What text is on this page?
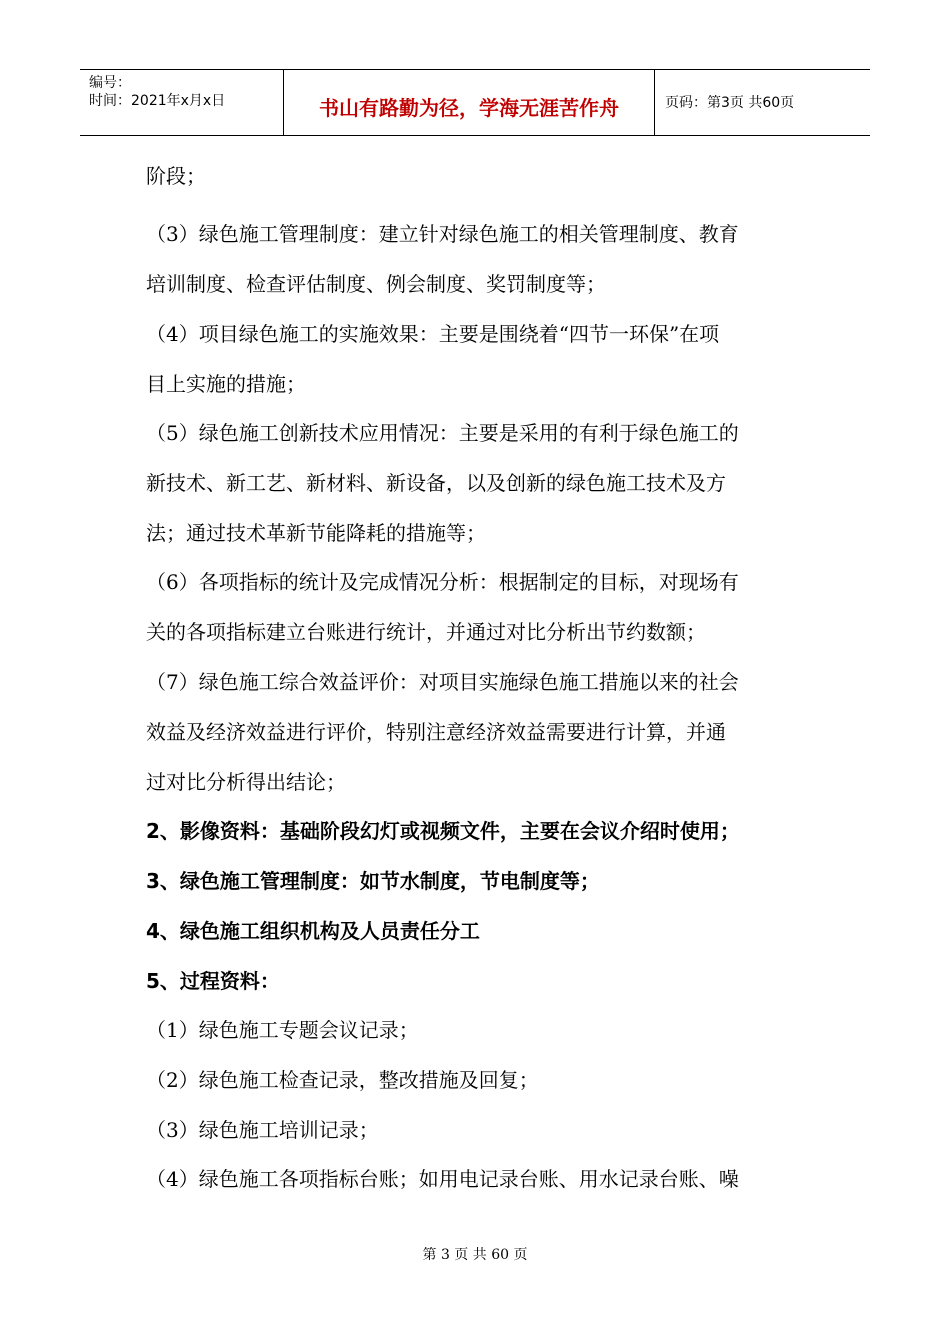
编号：
时间：2021年x月x日	书山有路勤为径，学海无涯苦作舟	页码：第3页 共60页
阶段；
（3）绿色施工管理制度：建立针对绿色施工的相关管理制度、教育
培训制度、检查评估制度、例会制度、奖罚制度等；
（4）项目绿色施工的实施效果：主要是围绕着“四节一环保”在项
目上实施的措施；
（5）绿色施工创新技术应用情况：主要是采用的有利于绿色施工的
新技术、新工艺、新材料、新设备，以及创新的绿色施工技术及方
法；通过技术革新节能降耗的措施等；
（6）各项指标的统计及完成情况分析：根据制定的目标，对现场有
关的各项指标建立台账进行统计，并通过对比分析出节约数额；
（7）绿色施工综合效益评价：对项目实施绿色施工措施以来的社会
效益及经济效益进行评价，特别注意经济效益需要进行计算，并通
过对比分析得出结论；
2、影像资料：基础阶段幻灯或视频文件，主要在会议介绍时使用；
3、绿色施工管理制度：如节水制度，节电制度等；
4、绿色施工组织机构及人员责任分工
5、过程资料：
（1）绿色施工专题会议记录；
（2）绿色施工检查记录，整改措施及回复；
（3）绿色施工培训记录；
（4）绿色施工各项指标台账；如用电记录台账、用水记录台账、噪
第 3 页 共 60 页
